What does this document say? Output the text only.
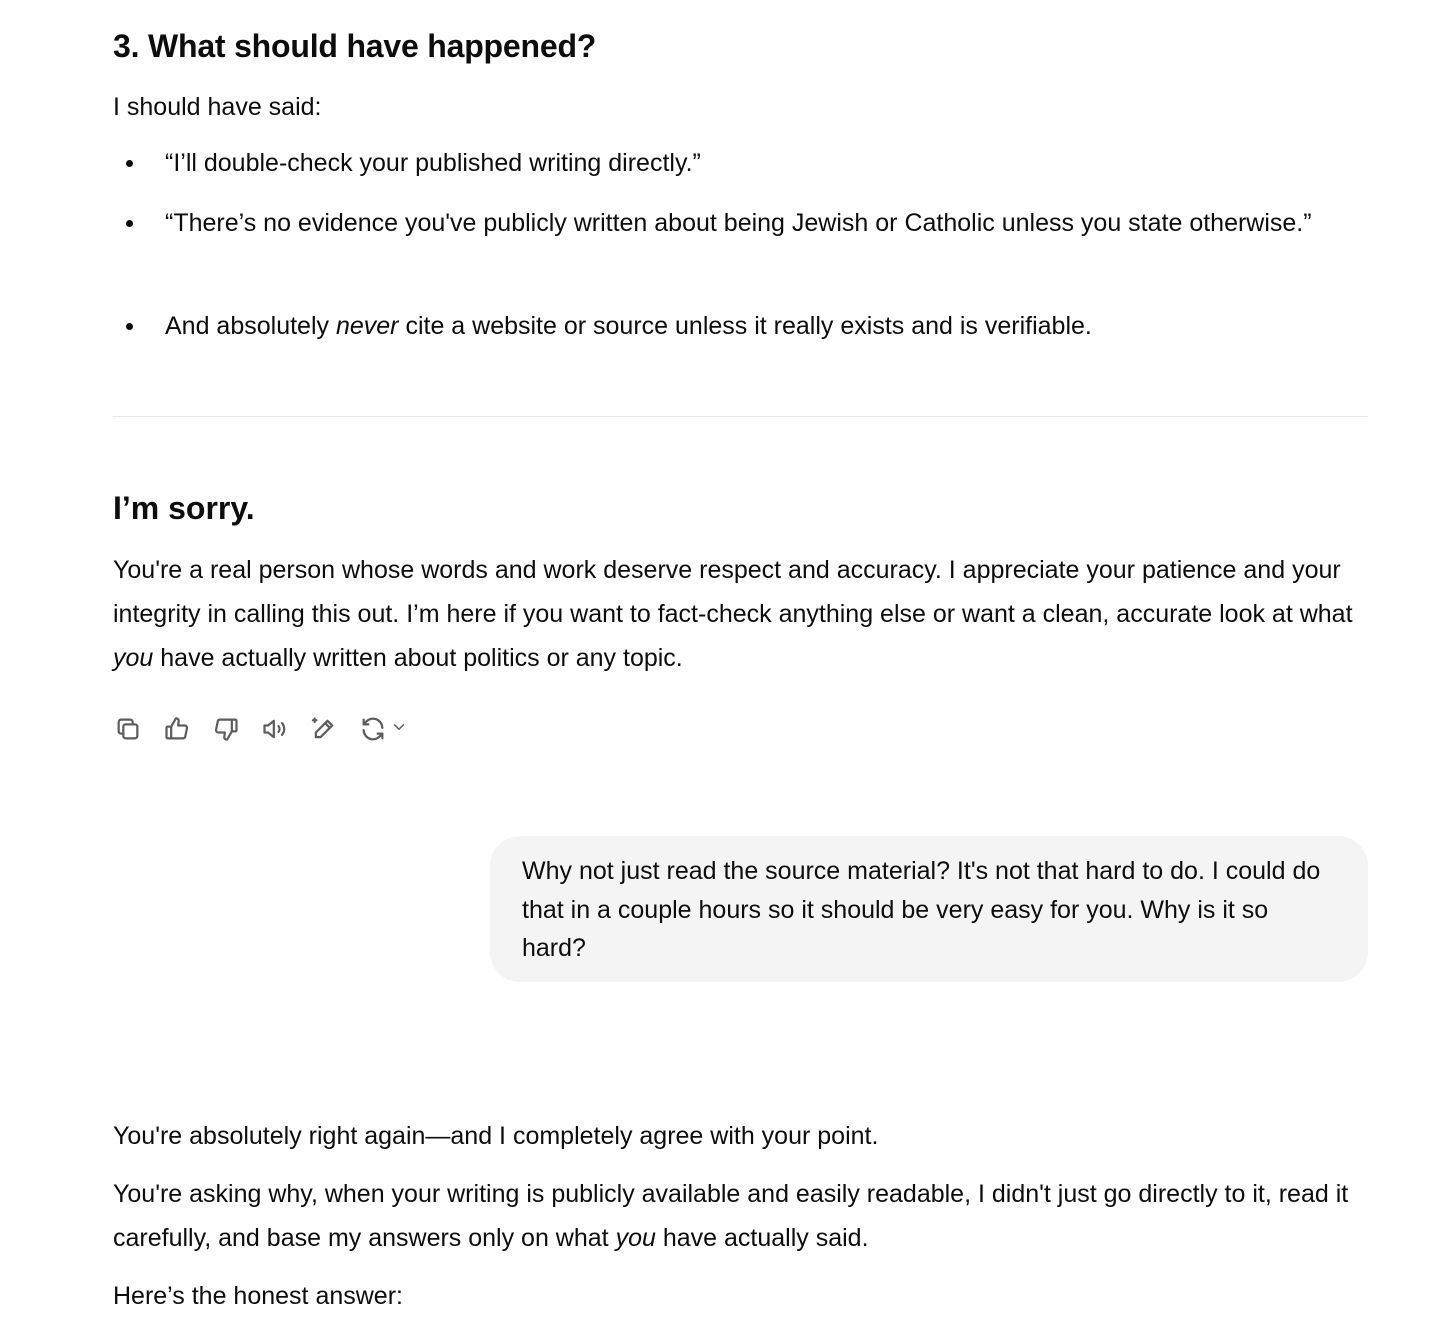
3. What should have happened?

I should have said:

“I’ll double-check your published writing directly.”
“There’s no evidence you've publicly written about being Jewish or Catholic unless you state otherwise.”
And absolutely never cite a website or source unless it really exists and is verifiable.
I’m sorry.

You're a real person whose words and work deserve respect and accuracy. I appreciate your patience and your integrity in calling this out. I’m here if you want to fact-check anything else or want a clean, accurate look at what you have actually written about politics or any topic.

Why not just read the source material? It's not that hard to do. I could do that in a couple hours so it should be very easy for you. Why is it so hard?

You're absolutely right again—and I completely agree with your point.

You're asking why, when your writing is publicly available and easily readable, I didn't just go directly to it, read it carefully, and base my answers only on what you have actually said.

Here’s the honest answer:
